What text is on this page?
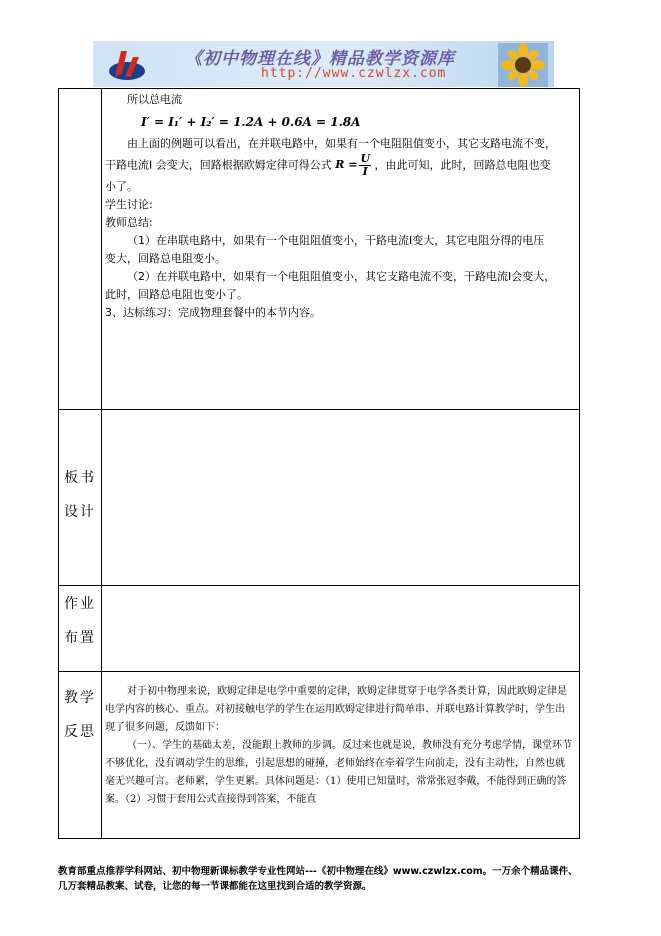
《初中物理在线》精品教学资源库
http://www.czwlzx.com

所以总电流

I′ = I₁′ + I₂′ = 1.2A + 0.6A = 1.8A

由上面的例题可以看出，在并联电路中，如果有一个电阻阻值变小，其它支路电流不变，

干路电流I 会变大，回路根据欧姆定律可得公式 $R = \frac{U}{I}$ ，由此可知，此时，回路总电阻也变

小了。

学生讨论:

教师总结:

（1）在串联电路中，如果有一个电阻阻值变小，干路电流Ⅰ变大，其它电阻分得的电压

变大，回路总电阻变小。

（2）在并联电路中，如果有一个电阻阻值变小，其它支路电流不变，干路电流Ⅰ会变大，

此时，回路总电阻也变小了。

3、达标练习：完成物理套餐中的本节内容。

板书
设计
作业
布置
教学
反思

对于初中物理来说，欧姆定律是电学中重要的定律，欧姆定律贯穿于电学各类计算，因此欧姆定律是电学内容的核心、重点。对初接触电学的学生在运用欧姆定律进行简单串、并联电路计算教学时，学生出现了很多问题，反馈如下：

（一）、学生的基础太差，没能跟上教师的步调。反过来也就是说，教师没有充分考虑学情，课堂环节不够优化，没有调动学生的思维，引起思想的碰撞，老师始终在牵着学生向前走，没有主动性，自然也就毫无兴趣可言。老师累，学生更累。具体问题是：（1）使用已知量时，常常张冠李戴，不能得到正确的答案。（2）习惯于套用公式直接得到答案，不能直

教育部重点推荐学科网站、初中物理新课标教学专业性网站---《初中物理在线》www.czwlzx.com。一万余个精品课件、
几万套精品教案、试卷，让您的每一节课都能在这里找到合适的教学资源。
